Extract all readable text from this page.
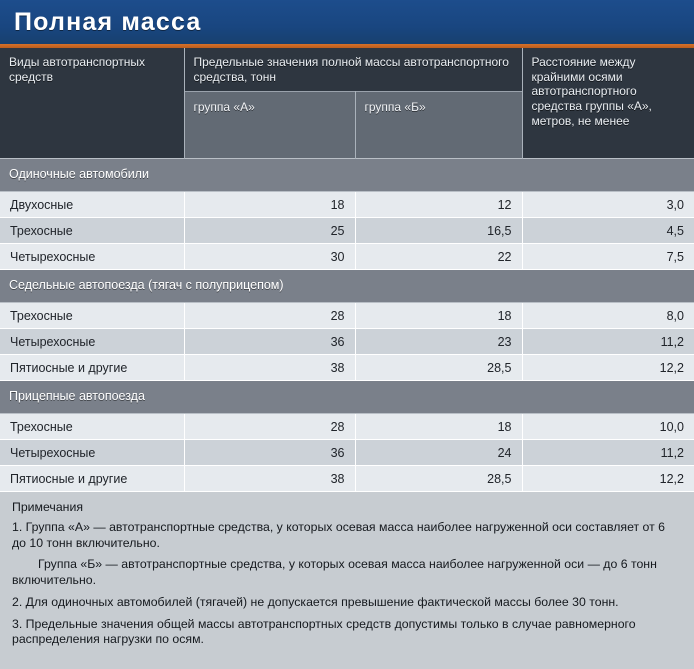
Полная масса
Виды автотранспортных средств	Предельные значения полной массы автотранспортного средства, тонн		Расстояние между крайними осями автотранспортного средства группы «А», метров, не менее
	группа «А»	группа «Б»	
Одиночные автомобили			
Двухосные	18	12	3,0
Трехосные	25	16,5	4,5
Четырехосные	30	22	7,5
Седельные автопоезда (тягач с полуприцепом)			
Трехосные	28	18	8,0
Четырехосные	36	23	11,2
Пятиосные и другие	38	28,5	12,2
Прицепные автопоезда			
Трехосные	28	18	10,0
Четырехосные	36	24	11,2
Пятиосные и другие	38	28,5	12,2

Примечания

1. Группа «А» — автотранспортные средства, у которых осевая масса наиболее нагруженной оси составляет от 6 до 10 тонн включительно.

Группа «Б» — автотранспортные средства, у которых осевая масса наиболее нагруженной оси — до 6 тонн включительно.

2. Для одиночных автомобилей (тягачей) не допускается превышение фактической массы более 30 тонн.

3. Предельные значения общей массы автотранспортных средств допустимы только в случае равномерного распределения нагрузки по осям.
